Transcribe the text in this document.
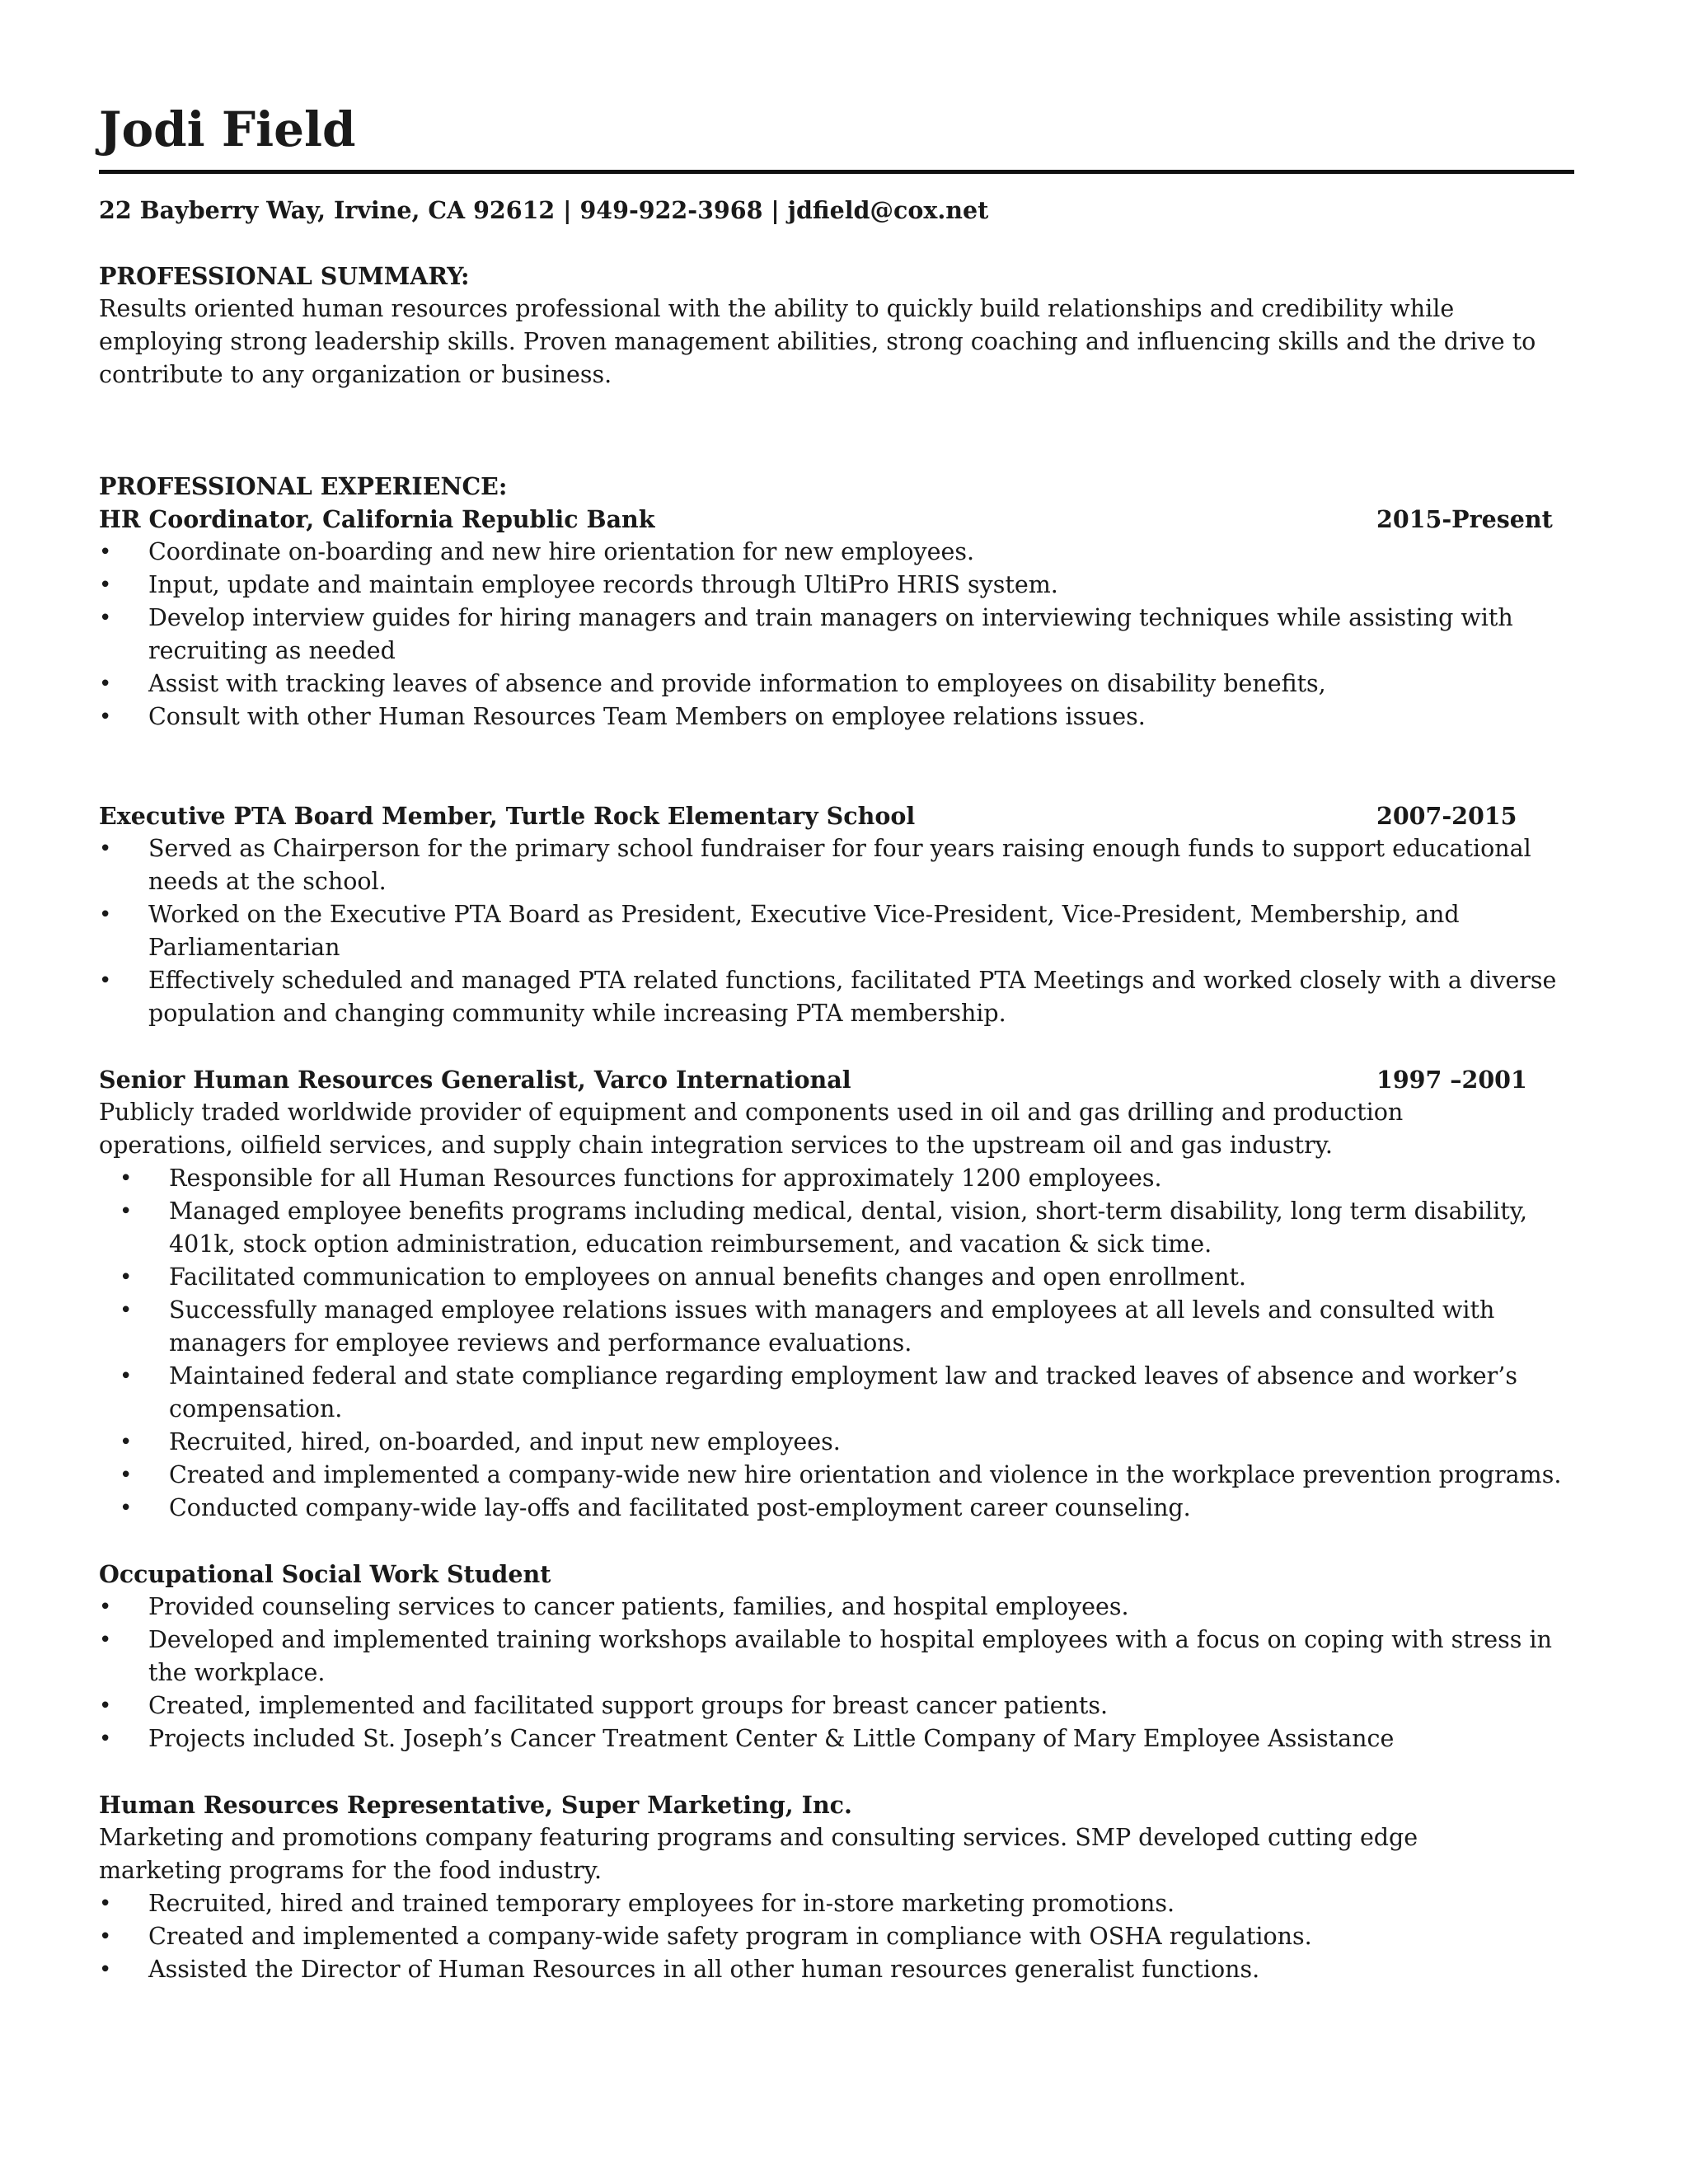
Jodi Field
22 Bayberry Way, Irvine, CA 92612 | 949-922-3968 | jdfield@cox.net
PROFESSIONAL SUMMARY:
Results oriented human resources professional with the ability to quickly build relationships and credibility while employing strong leadership skills. Proven management abilities, strong coaching and influencing skills and the drive to contribute to any organization or business.
PROFESSIONAL EXPERIENCE:
HR Coordinator, California Republic Bank	2015-Present
•	Coordinate on-boarding and new hire orientation for new employees.
•	Input, update and maintain employee records through UltiPro HRIS system.
•	Develop interview guides for hiring managers and train managers on interviewing techniques while assisting with recruiting as needed
•	Assist with tracking leaves of absence and provide information to employees on disability benefits,
•	Consult with other Human Resources Team Members on employee relations issues.
Executive PTA Board Member, Turtle Rock Elementary School	2007-2015
•	Served as Chairperson for the primary school fundraiser for four years raising enough funds to support educational needs at the school.
•	Worked on the Executive PTA Board as President, Executive Vice-President, Vice-President, Membership, and Parliamentarian
•	Effectively scheduled and managed PTA related functions, facilitated PTA Meetings and worked closely with a diverse population and changing community while increasing PTA membership.
Senior Human Resources Generalist, Varco International	1997 –2001
Publicly traded worldwide provider of equipment and components used in oil and gas drilling and production operations, oilfield services, and supply chain integration services to the upstream oil and gas industry.
•	Responsible for all Human Resources functions for approximately 1200 employees.
•	Managed employee benefits programs including medical, dental, vision, short-term disability, long term disability, 401k, stock option administration, education reimbursement, and vacation & sick time.
•	Facilitated communication to employees on annual benefits changes and open enrollment.
•	Successfully managed employee relations issues with managers and employees at all levels and consulted with managers for employee reviews and performance evaluations.
•	Maintained federal and state compliance regarding employment law and tracked leaves of absence and worker’s compensation.
•	Recruited, hired, on-boarded, and input new employees.
•	Created and implemented a company-wide new hire orientation and violence in the workplace prevention programs.
•	Conducted company-wide lay-offs and facilitated post-employment career counseling.
Occupational Social Work Student
•	Provided counseling services to cancer patients, families, and hospital employees.
•	Developed and implemented training workshops available to hospital employees with a focus on coping with stress in the workplace.
•	Created, implemented and facilitated support groups for breast cancer patients.
•	Projects included St. Joseph’s Cancer Treatment Center & Little Company of Mary Employee Assistance
Human Resources Representative, Super Marketing, Inc.
Marketing and promotions company featuring programs and consulting services. SMP developed cutting edge marketing programs for the food industry.
•	Recruited, hired and trained temporary employees for in-store marketing promotions.
•	Created and implemented a company-wide safety program in compliance with OSHA regulations.
•	Assisted the Director of Human Resources in all other human resources generalist functions.
